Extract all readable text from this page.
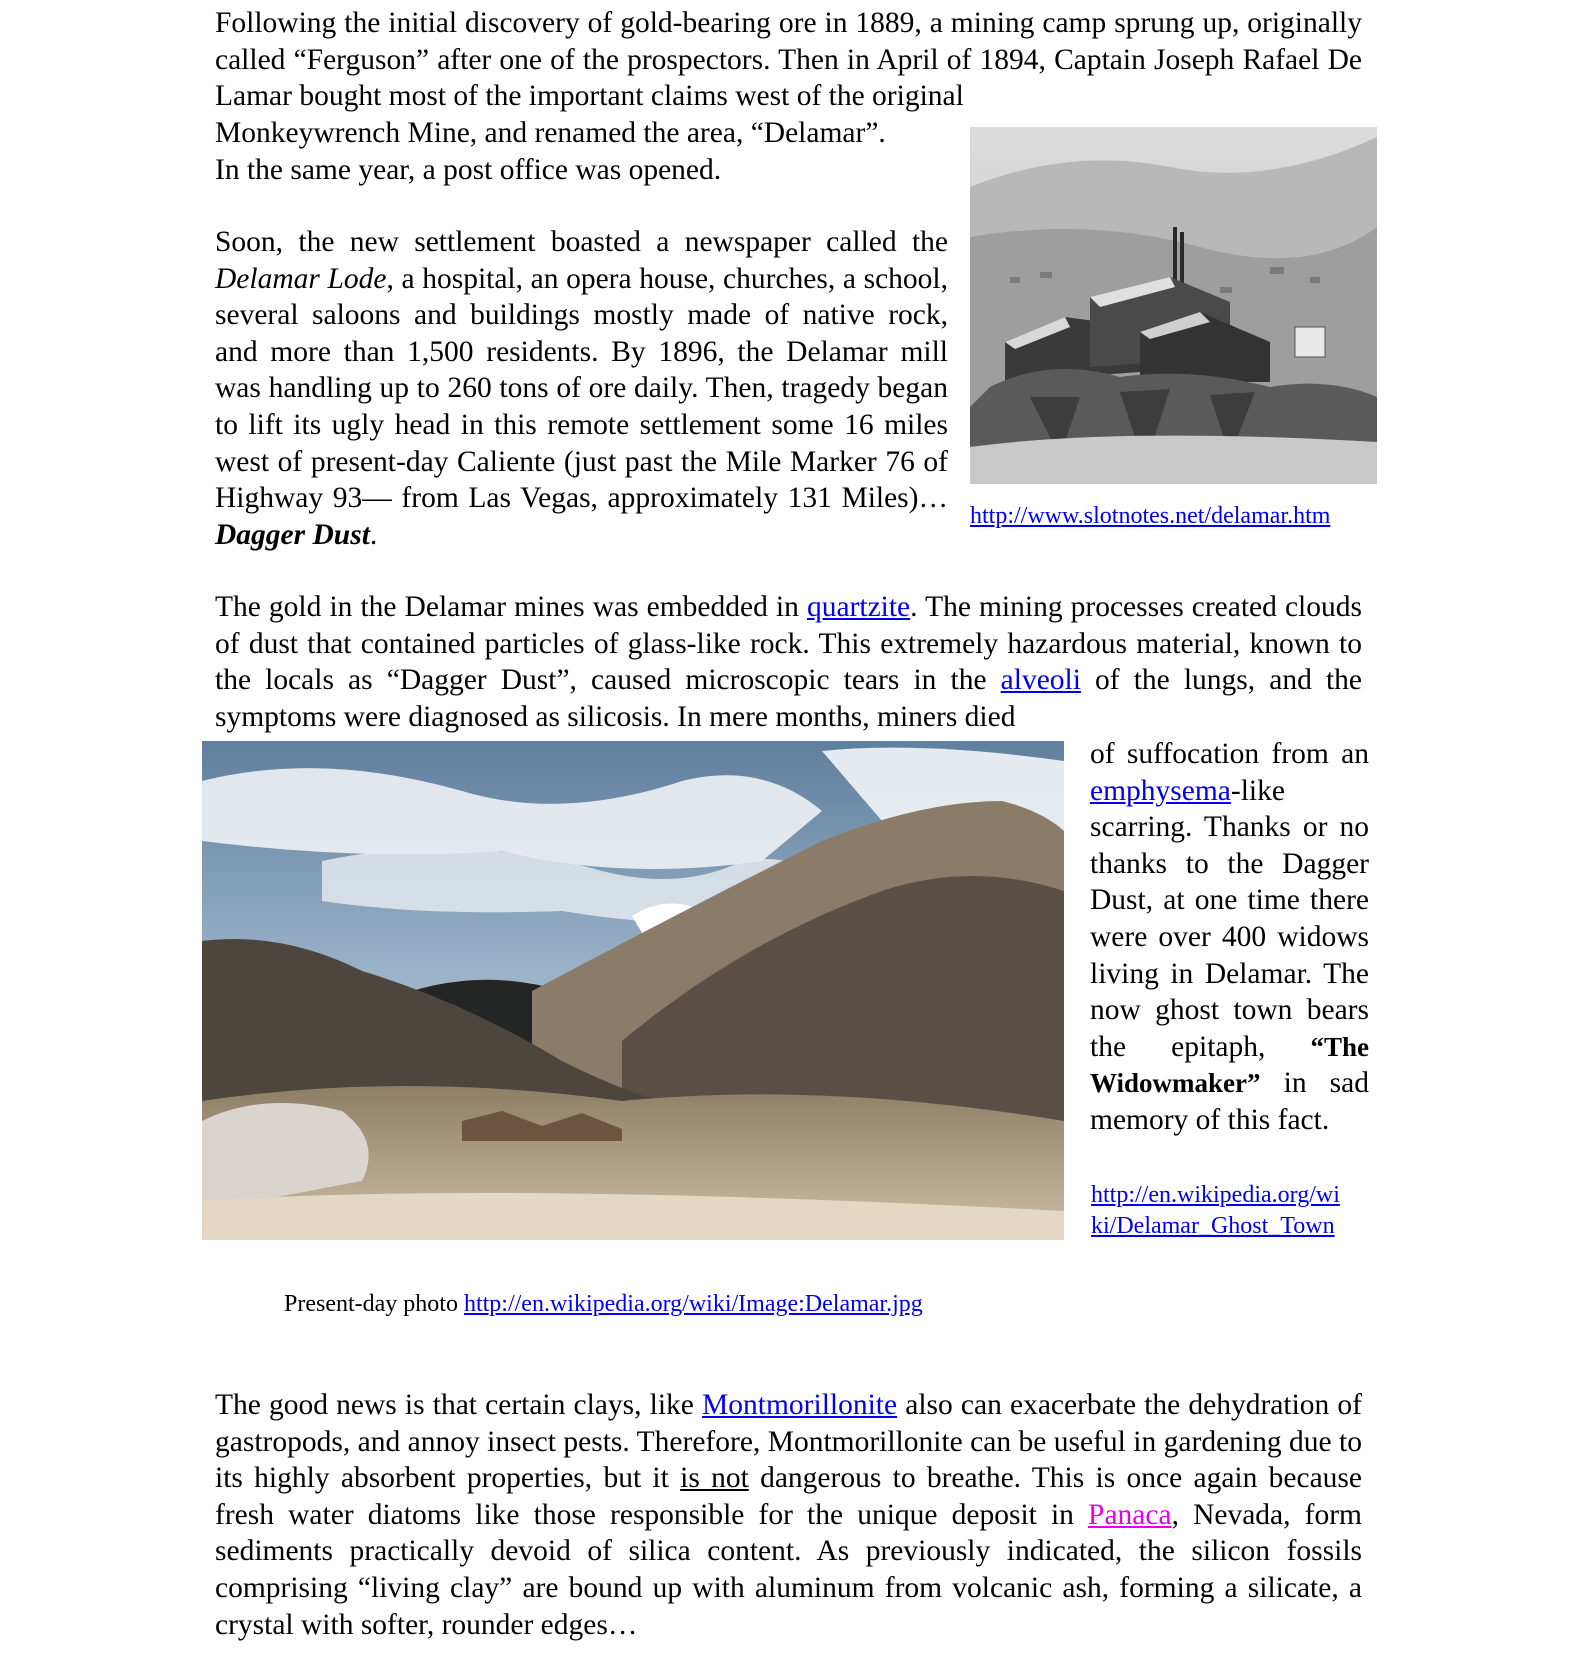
Following the initial discovery of gold-bearing ore in 1889, a mining camp sprung up, originally called “Ferguson” after one of the prospectors. Then in April of 1894, Captain Joseph Rafael De Lamar bought most of the important claims west of the original

Monkeywrench Mine, and renamed the area, “Delamar”.
In the same year, a post office was opened.

Soon, the new settlement boasted a newspaper called the Delamar Lode, a hospital, an opera house, churches, a school, several saloons and buildings mostly made of native rock, and more than 1,500 residents. By 1896, the Delamar mill was handling up to 260 tons of ore daily. Then, tragedy began to lift its ugly head in this remote settlement some 16 miles west of present-day Caliente (just past the Mile Marker 76 of Highway 93— from Las Vegas, approximately 131 Miles)…Dagger Dust.

http://www.slotnotes.net/delamar.htm

The gold in the Delamar mines was embedded in quartzite. The mining processes created clouds of dust that contained particles of glass-like rock. This extremely hazardous material, known to the locals as “Dagger Dust”, caused microscopic tears in the alveoli of the lungs, and the symptoms were diagnosed as silicosis. In mere months, miners died

of suffocation from an emphysema-like scarring. Thanks or no thanks to the Dagger Dust, at one time there were over 400 widows living in Delamar. The now ghost town bears the epitaph, “The Widowmaker” in sad memory of this fact.

http://en.wikipedia.org/wi
ki/Delamar_Ghost_Town
Present-day photo http://en.wikipedia.org/wiki/Image:Delamar.jpg

The good news is that certain clays, like Montmorillonite also can exacerbate the dehydration of gastropods, and annoy insect pests. Therefore, Montmorillonite can be useful in gardening due to its highly absorbent properties, but it is not dangerous to breathe. This is once again because fresh water diatoms like those responsible for the unique deposit in Panaca, Nevada, form sediments practically devoid of silica content. As previously indicated, the silicon fossils comprising “living clay” are bound up with aluminum from volcanic ash, forming a silicate, a crystal with softer, rounder edges…
